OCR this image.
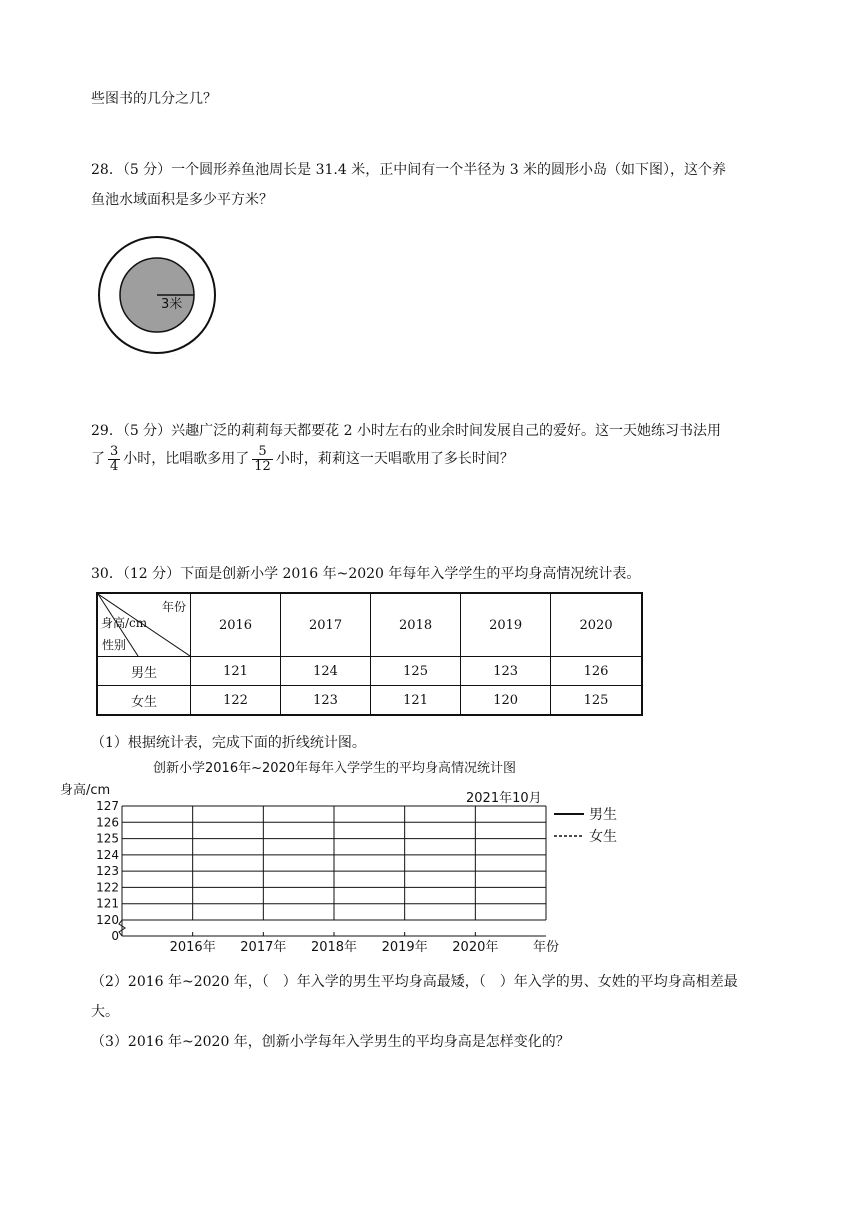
些图书的几分之几？
28．（5 分）一个圆形养鱼池周长是 31.4 米，正中间有一个半径为 3 米的圆形小岛（如下图），这个养
鱼池水域面积是多少平方米？
3米
29．（5 分）兴趣广泛的莉莉每天都要花 2 小时左右的业余时间发展自己的爱好。这一天她练习书法用
了 $\frac{3}{4}$ 小时，比唱歌多用了 $\frac{5}{12}$ 小时，莉莉这一天唱歌用了多长时间？
30．（12 分）下面是创新小学 2016 年~2020 年每年入学学生的平均身高情况统计表。
年份
身高/cm
性别	2016	2017	2018	2019	2020
男生	121	124	125	123	126
女生	122	123	121	120	125
（1）根据统计表，完成下面的折线统计图。
创新小学2016年~2020年每年入学学生的平均身高情况统计图
身高/cm
2021年10月
127
126
125
124
123
122
121
120
0
2016年 2017年 2018年 2019年 2020年	年份
男生
女生
（2）2016 年~2020 年，（　）年入学的男生平均身高最矮，（　）年入学的男、女姓的平均身高相差最
大。
（3）2016 年~2020 年，创新小学每年入学男生的平均身高是怎样变化的？
